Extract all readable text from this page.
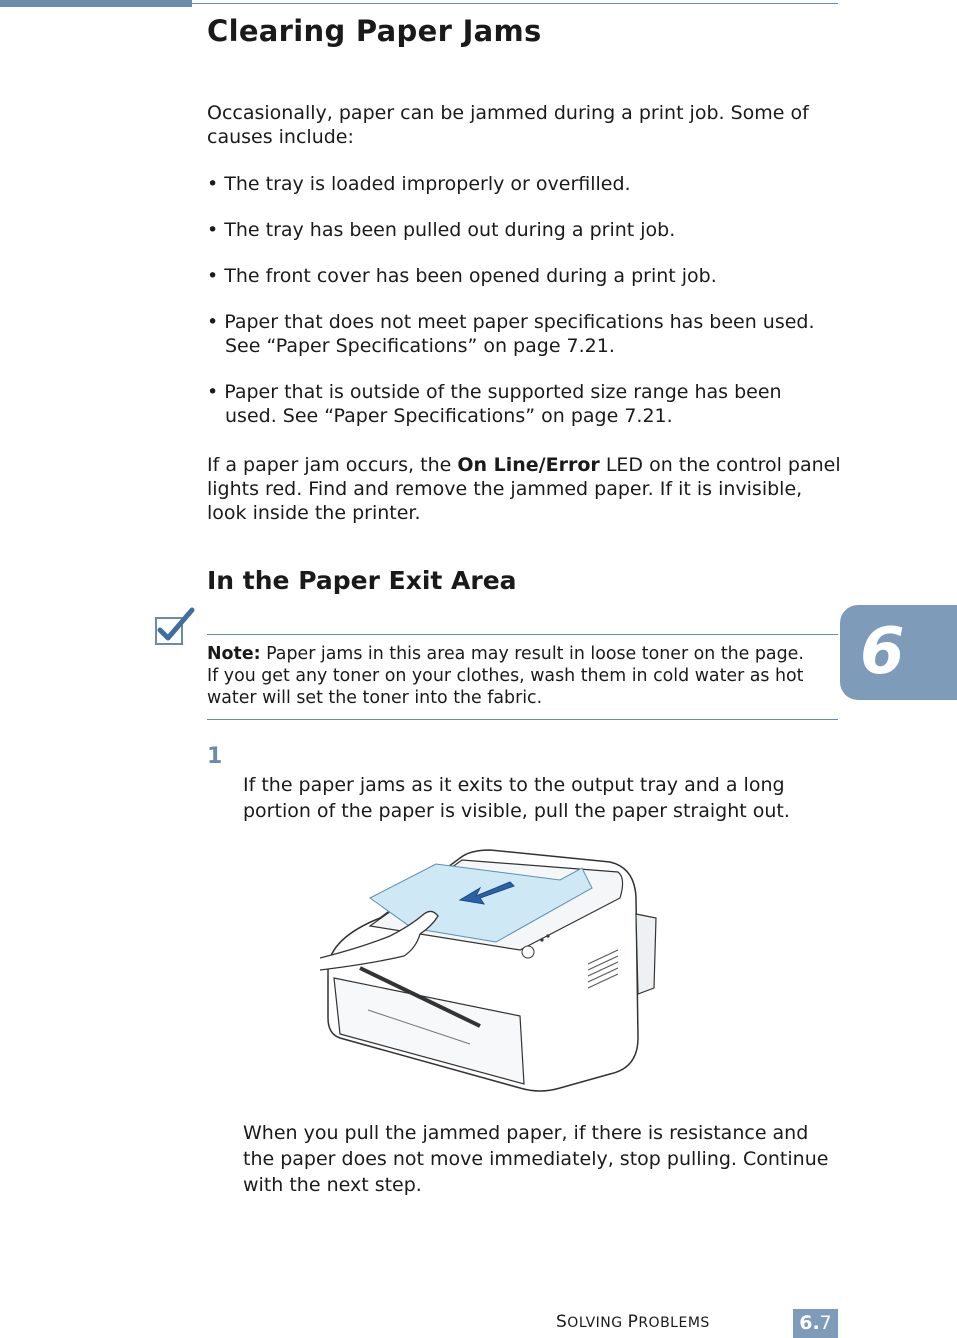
Clearing Paper Jams
6

Occasionally, paper can be jammed during a print job. Some of causes include:

• The tray is loaded improperly or overfilled.

• The tray has been pulled out during a print job.

• The front cover has been opened during a print job.

• Paper that does not meet paper specifications has been used.
See “Paper Specifications” on page 7.21.

• Paper that is outside of the supported size range has been
used. See “Paper Specifications” on page 7.21.

If a paper jam occurs, the On Line/Error LED on the control panel lights red. Find and remove the jammed paper. If it is invisible, look inside the printer.

In the Paper Exit Area

Note: Paper jams in this area may result in loose toner on the page. If you get any toner on your clothes, wash them in cold water as hot water will set the toner into the fabric.

1

If the paper jams as it exits to the output tray and a long portion of the paper is visible, pull the paper straight out.

When you pull the jammed paper, if there is resistance and the paper does not move immediately, stop pulling. Continue with the next step.

SOLVING PROBLEMS	6.7
